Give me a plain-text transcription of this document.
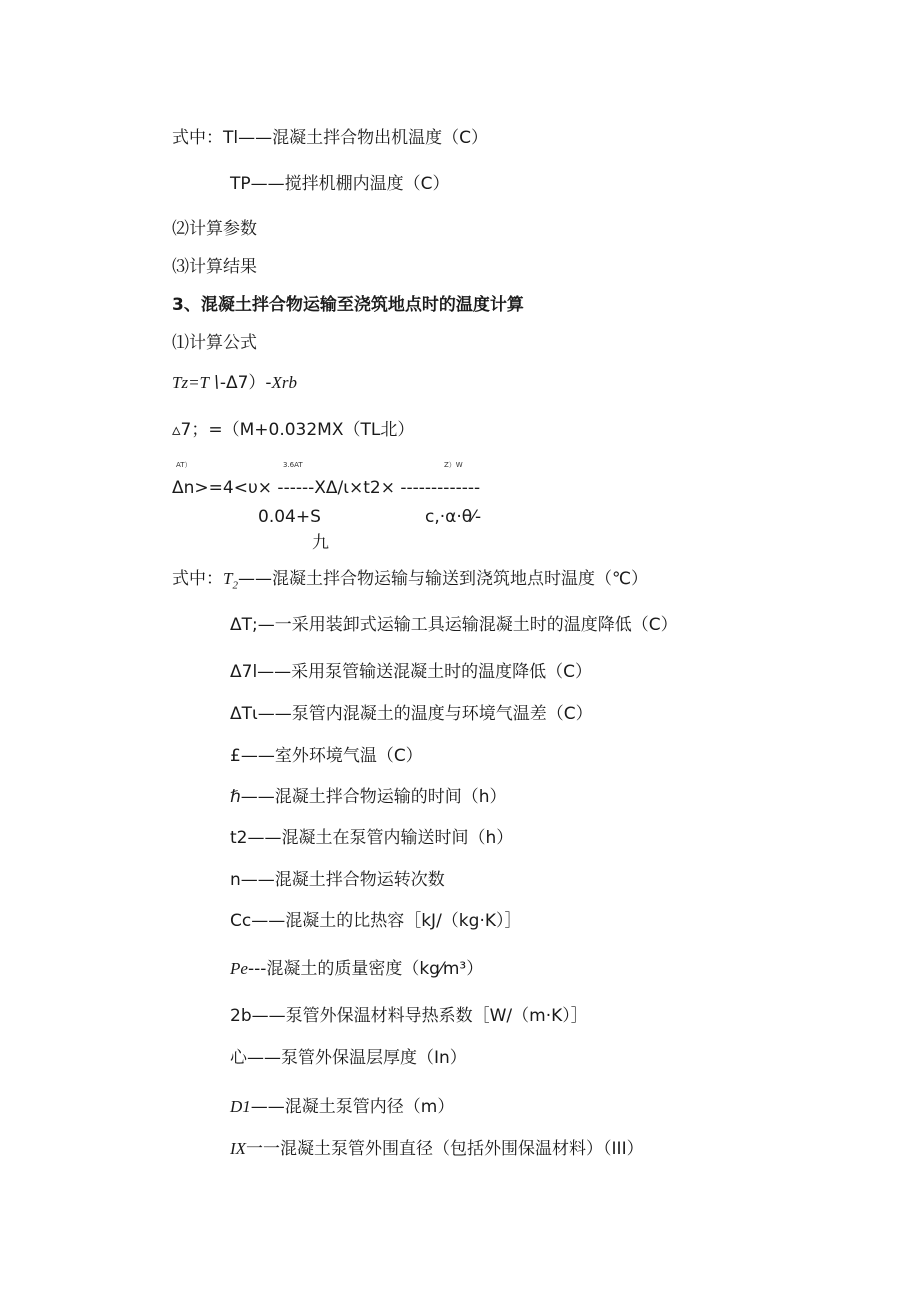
式中：Tl——混凝土拌合物出机温度（C）
TP——搅拌机棚内温度（C）
⑵计算参数
⑶计算结果
3、混凝土拌合物运输至浇筑地点时的温度计算
⑴计算公式
Tz=T∖-Δ7）-Xrb
▵7；=（M+0.032MX（TL北）
AT）	3.6AT	Z）W
Δn>=4<υ× ------XΔ/ι×t2× -------------
0.04+S	c,·α·θ⁄-
九
式中：$T_2——$混凝土拌合物运输与输送到浇筑地点时温度（℃）
ΔT;—一采用装卸式运输工具运输混凝土时的温度降低（C）
Δ7l——采用泵管输送混凝土时的温度降低（C）
ΔTι——泵管内混凝土的温度与环境气温差（C）
£——室外环境气温（C）
ℏ——混凝土拌合物运输的时间（h）
t2——混凝土在泵管内输送时间（h）
n——混凝土拌合物运转次数
Cc——混凝土的比热容［kJ/（kg·K）］
Pe---混凝土的质量密度（kg⁄m³）
2b——泵管外保温材料导热系数［W/（m·K）］
心——泵管外保温层厚度（In）
D1——混凝土泵管内径（m）
IX一一混凝土泵管外围直径（包括外围保温材料）（III）
